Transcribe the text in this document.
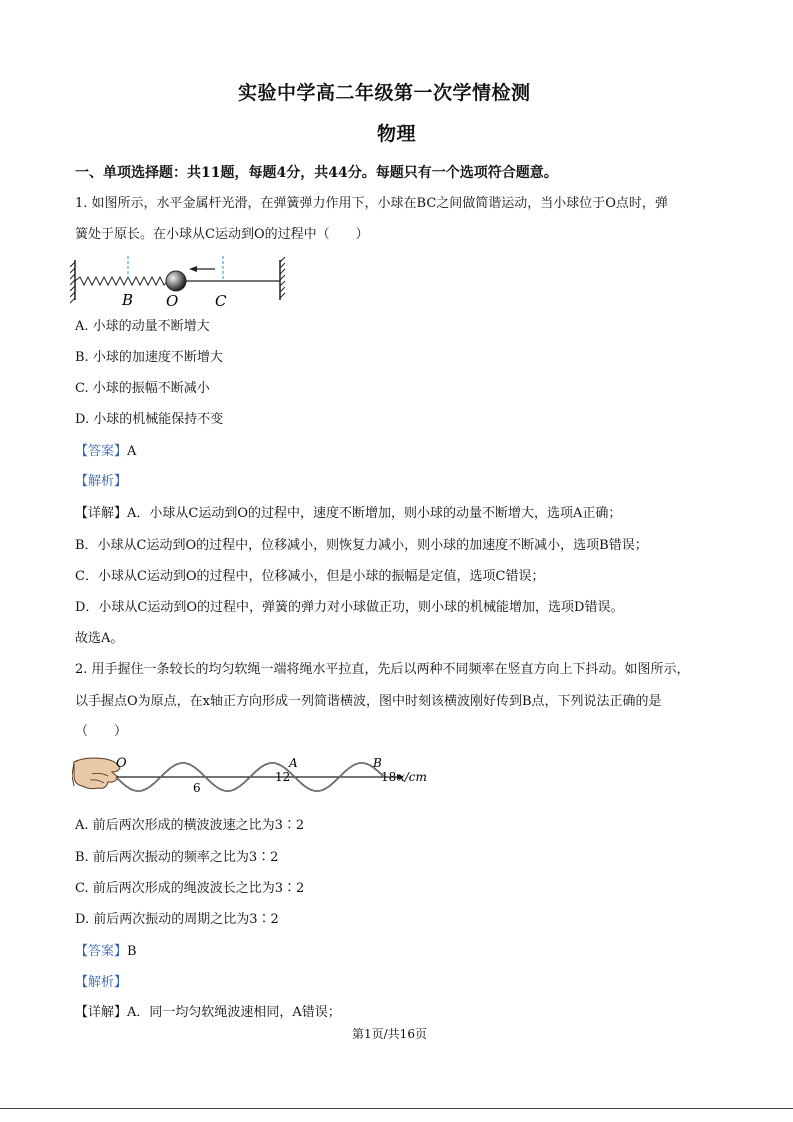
实验中学高二年级第一次学情检测
物理
一、单项选择题：共11题，每题4分，共44分。每题只有一个选项符合题意。
1. 如图所示，水平金属杆光滑，在弹簧弹力作用下，小球在BC之间做简谐运动，当小球位于O点时，弹
簧处于原长。在小球从C运动到O的过程中（　　）
B O C
A. 小球的动量不断增大
B. 小球的加速度不断增大
C. 小球的振幅不断减小
D. 小球的机械能保持不变
【答案】A
【解析】
【详解】A．小球从C运动到O的过程中，速度不断增加，则小球的动量不断增大，选项A正确；
B．小球从C运动到O的过程中，位移减小，则恢复力减小，则小球的加速度不断减小，选项B错误；
C．小球从C运动到O的过程中，位移减小，但是小球的振幅是定值，选项C错误；
D．小球从C运动到O的过程中，弹簧的弹力对小球做正功，则小球的机械能增加，选项D错误。
故选A。
2. 用手握住一条较长的均匀软绳一端将绳水平拉直，先后以两种不同频率在竖直方向上下抖动。如图所示，
以手握点O为原点，在x轴正方向形成一列简谐横波，图中时刻该横波刚好传到B点，下列说法正确的是
（　　）
O
6
12
A	B
18 x/cm
A. 前后两次形成的横波波速之比为3∶2
B. 前后两次振动的频率之比为3∶2
C. 前后两次形成的绳波波长之比为3∶2
D. 前后两次振动的周期之比为3∶2
【答案】B
【解析】
【详解】A．同一均匀软绳波速相同，A错误；
第1页/共16页
